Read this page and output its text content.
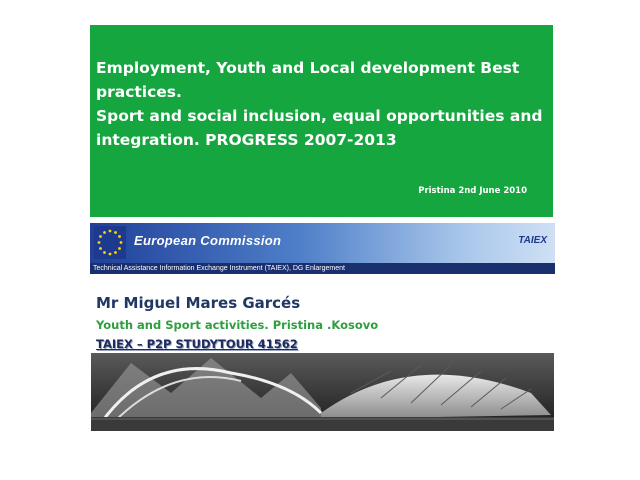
Employment, Youth and Local development Best
practices.
Sport and social inclusion, equal opportunities and
integration. PROGRESS 2007-2013

Pristina 2nd June 2010
European Commission	TAIEX
Technical Assistance Information Exchange Instrument (TAIEX), DG Enlargement
Mr Miguel Mares Garcés
Youth and Sport activities. Pristina .Kosovo
TAIEX – P2P STUDYTOUR 41562
